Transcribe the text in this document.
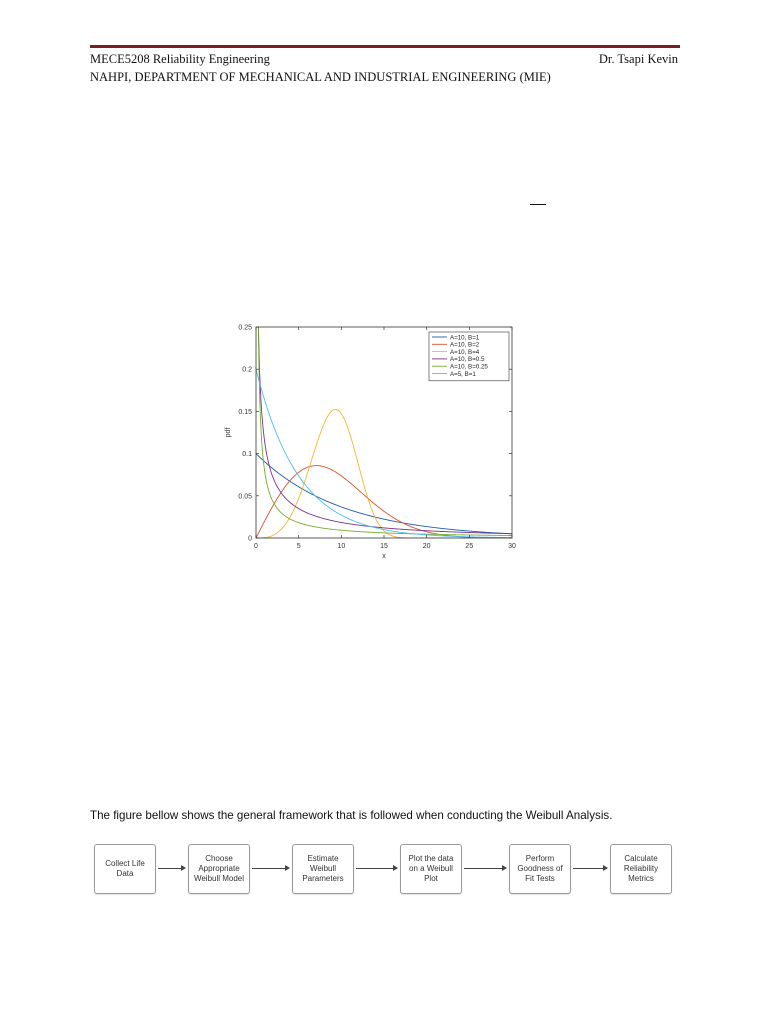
MECE5208 Reliability Engineering	Dr. Tsapi Kevin
NAHPI, DEPARTMENT OF MECHANICAL AND INDUSTRIAL ENGINEERING (MIE)
0	5	10	15	20	25	30
0
0.05
0.1
0.15
0.2
0.25
x
pdf
A=10, B=1
A=10, B=2
A=10, B=4
A=10, B=0.5
A=10, B=0.25
A=5, B=1
The figure bellow shows the general framework that is followed when conducting the Weibull Analysis.
Collect Life Data
Choose Appropriate Weibull Model
Estimate Weibull Parameters
Plot the data on a Weibull Plot
Perform Goodness of Fit Tests
Calculate Reliability Metrics
